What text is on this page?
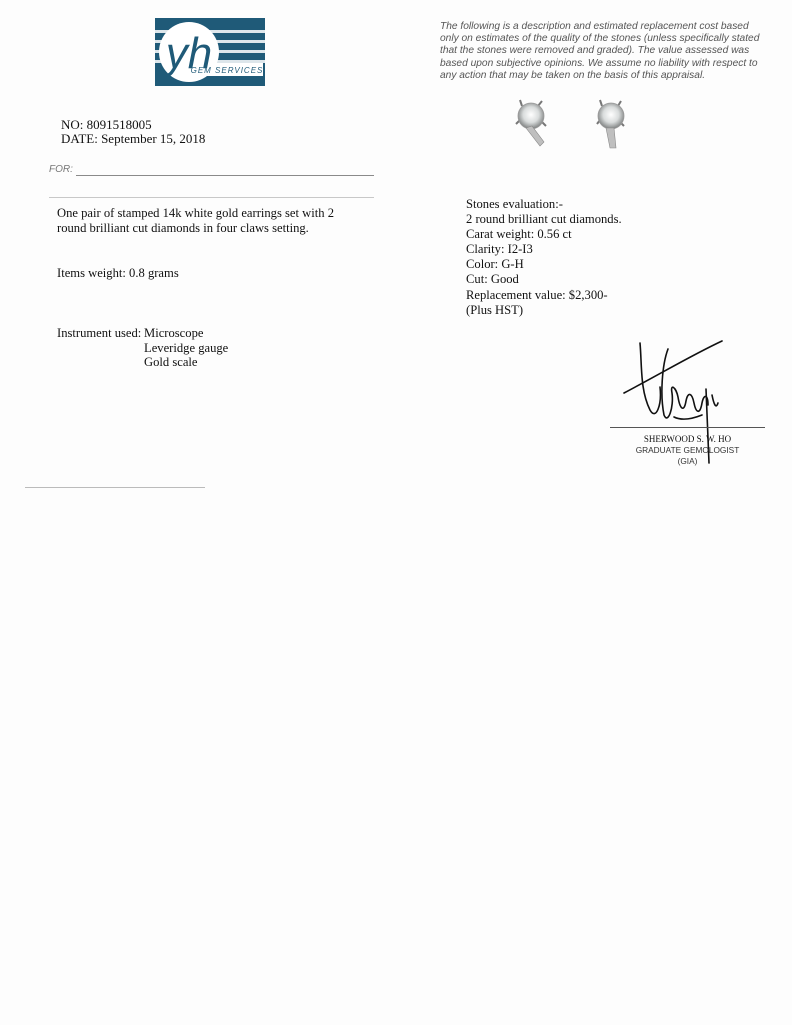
yh
GEM SERVICES
The following is a description and estimated replacement cost based only on estimates of the quality of the stones (unless specifically stated that the stones were removed and graded). The value assessed was based upon subjective opinions. We assume no liability with respect to any action that may be taken on the basis of this appraisal.
NO: 8091518005
DATE: September 15, 2018
FOR:
One pair of stamped 14k white gold earrings set with 2 round brilliant cut diamonds in four claws setting.
Items weight: 0.8 grams
Instrument used: Microscope
Leveridge gauge
Gold scale
Stones evaluation:-
2 round brilliant cut diamonds.
Carat weight: 0.56 ct
Clarity: I2-I3
Color: G-H
Cut: Good
Replacement value: $2,300-
(Plus HST)
SHERWOOD S. W. HO
GRADUATE GEMOLOGIST
(GIA)
